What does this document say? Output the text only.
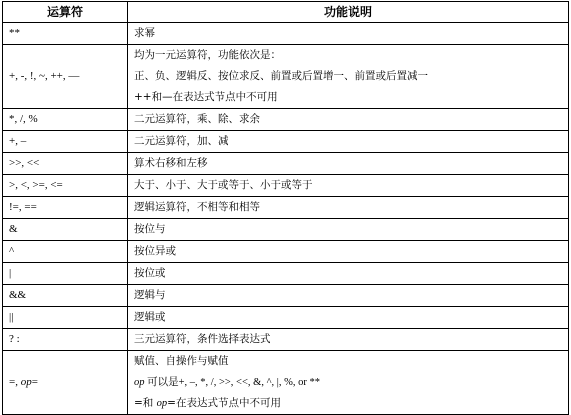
运算符	功能说明
**	求幂

+, -, !, ~, ++, —	均为一元运算符，功能依次是：
正、负、逻辑反、按位求反、前置或后置增一、前置或后置减一
++和—在表达式节点中不可用

*, /, %	二元运算符，乘、除、求余

+, –	二元运算符，加、减

>>, <<	算术右移和左移

>, <, >=, <=	大于、小于、大于或等于、小于或等于

!=, ==	逻辑运算符，不相等和相等

&	按位与

^	按位异或

|	按位或

&&	逻辑与

||	逻辑或

? :	三元运算符，条件选择表达式

=, op=	赋值、自操作与赋值
op 可以是+, –, *, /, >>, <<, &, ^, |, %, or **
=和 op=在表达式节点中不可用
